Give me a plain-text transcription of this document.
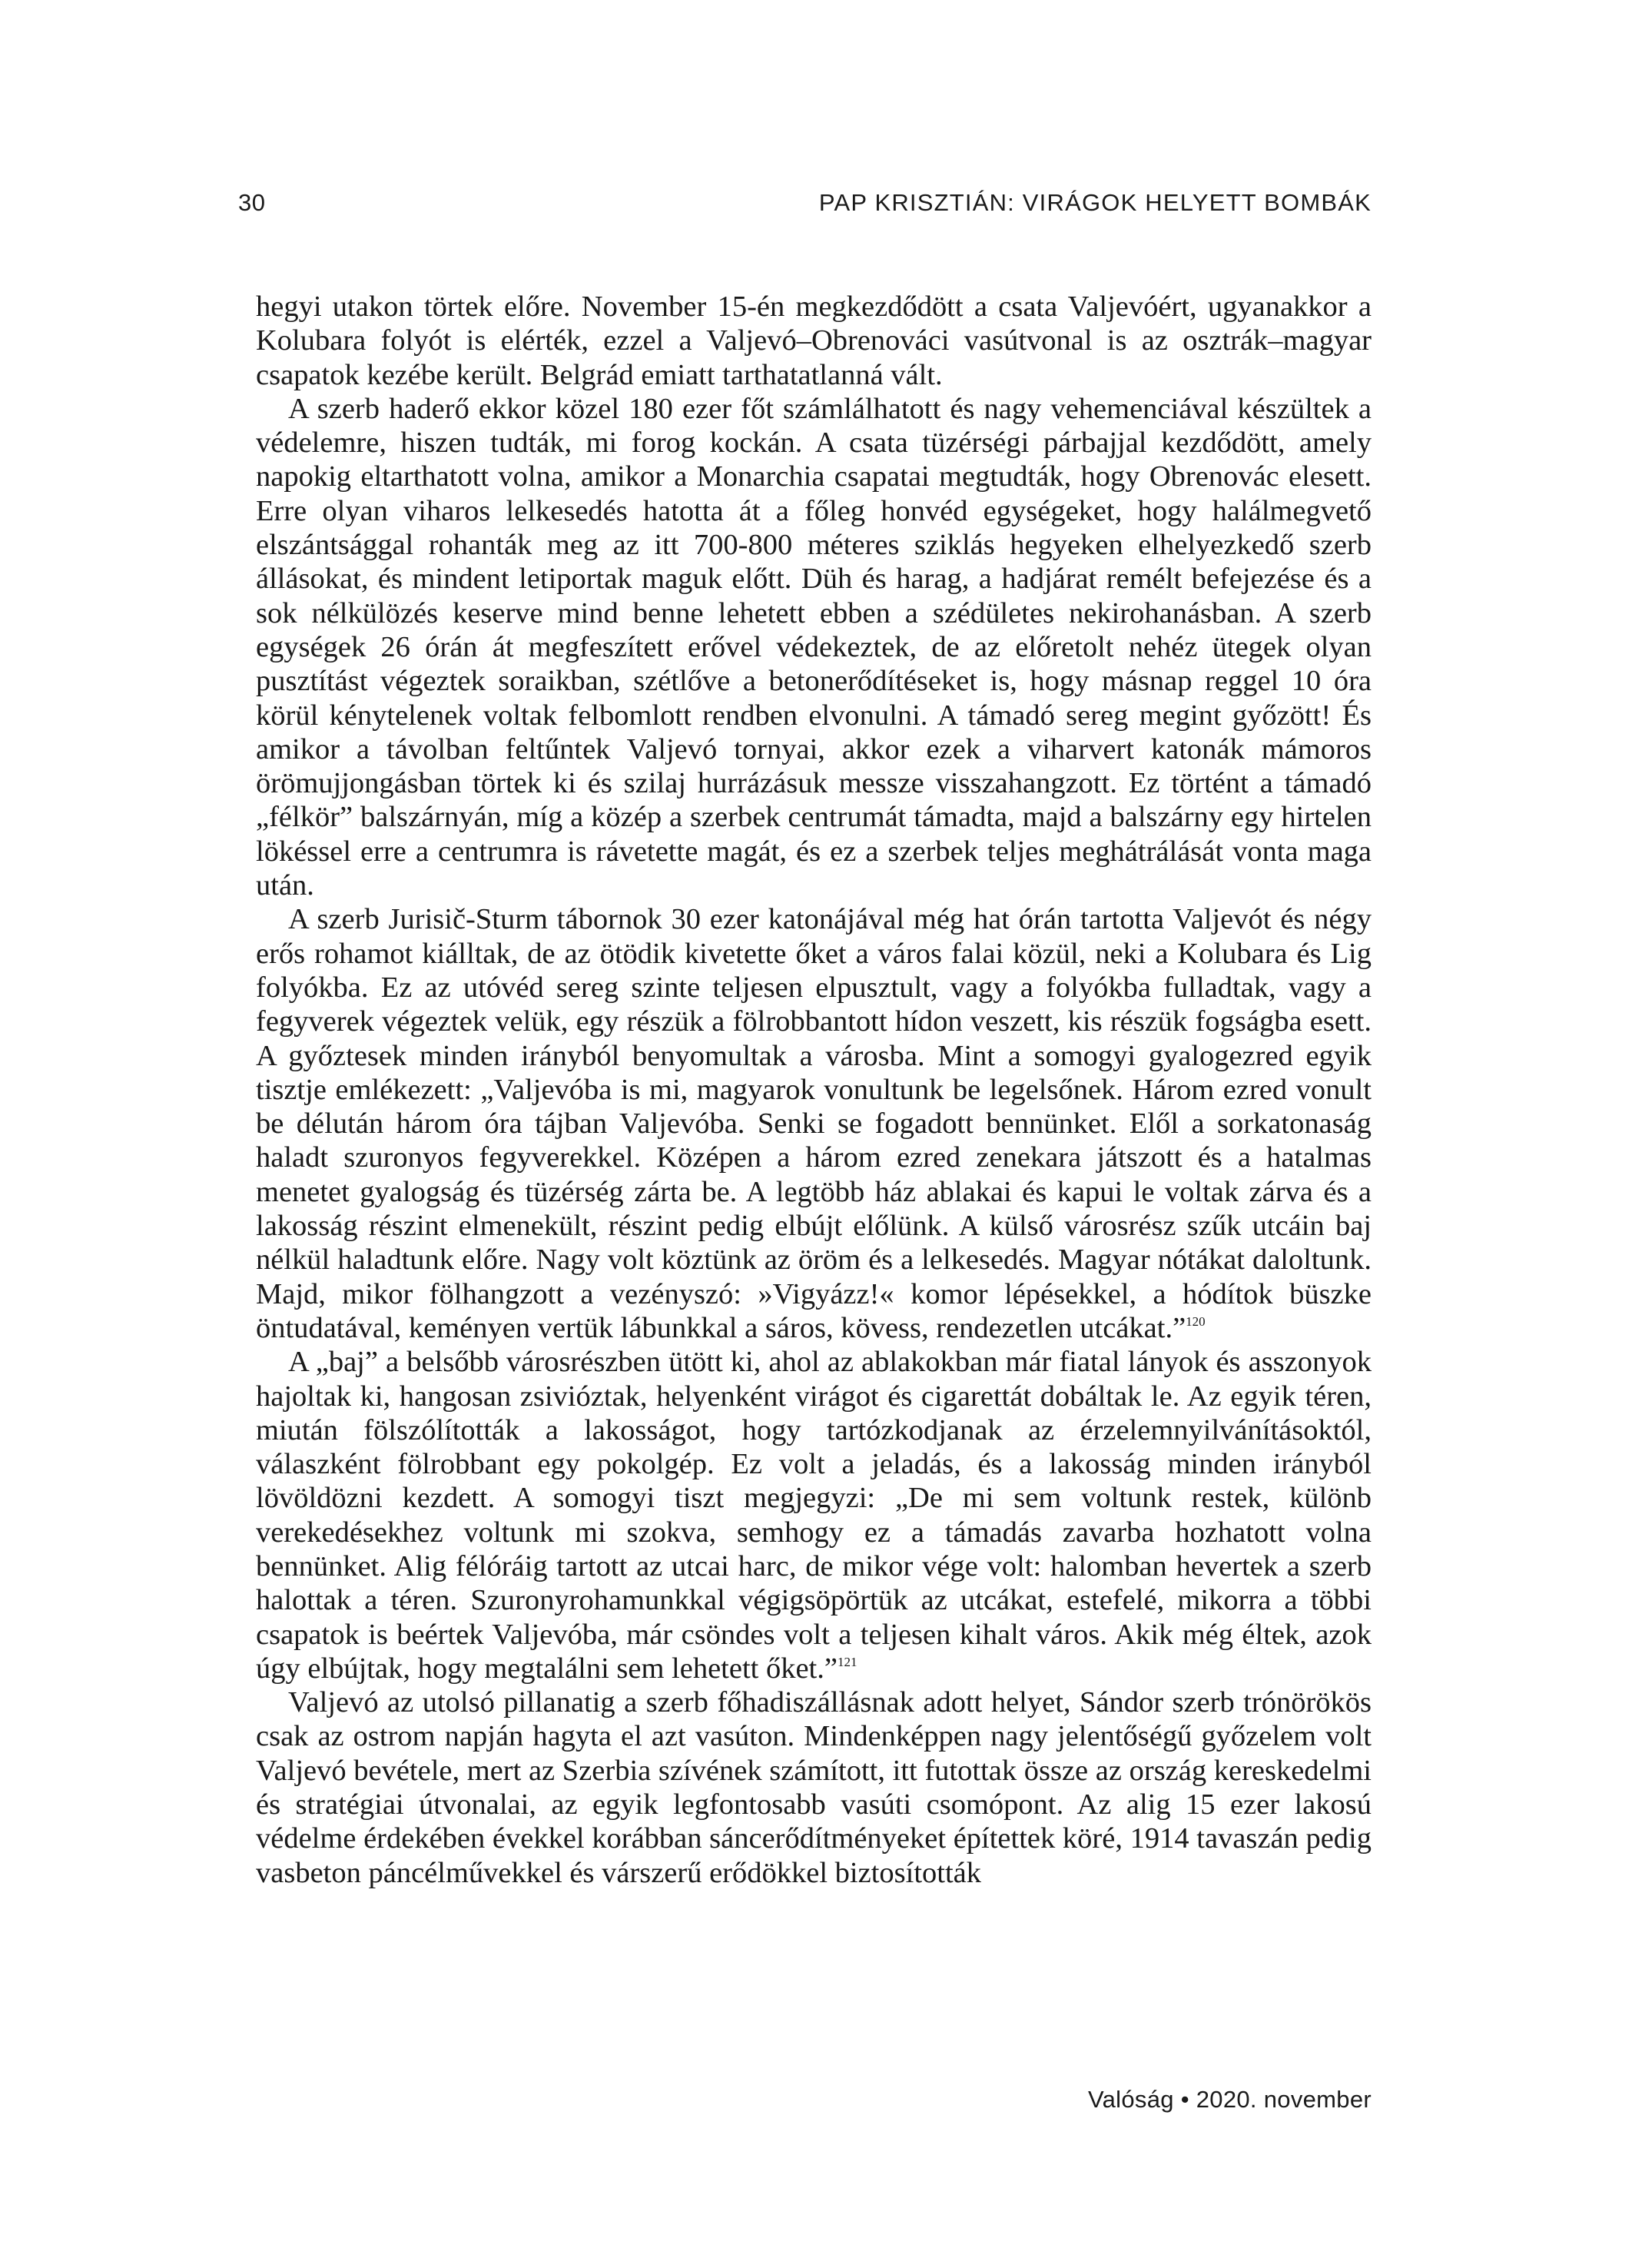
30	PAP KRISZTIÁN: VIRÁGOK HELYETT BOMBÁK

hegyi utakon törtek előre. November 15-én megkezdődött a csata Valjevóért, ugyanakkor a Kolubara folyót is elérték, ezzel a Valjevó–Obrenováci vasútvonal is az osztrák–magyar csapatok kezébe került. Belgrád emiatt tarthatatlanná vált.

A szerb haderő ekkor közel 180 ezer főt számlálhatott és nagy vehemenciával készültek a védelemre, hiszen tudták, mi forog kockán. A csata tüzérségi párbajjal kezdődött, amely napokig eltarthatott volna, amikor a Monarchia csapatai megtudták, hogy Obrenovác elesett. Erre olyan viharos lelkesedés hatotta át a főleg honvéd egységeket, hogy halálmegvető elszántsággal rohanták meg az itt 700-800 méteres sziklás hegyeken elhelyezkedő szerb állásokat, és mindent letiportak maguk előtt. Düh és harag, a hadjárat remélt befejezése és a sok nélkülözés keserve mind benne lehetett ebben a szédületes nekirohanásban. A szerb egységek 26 órán át megfeszített erővel védekeztek, de az előretolt nehéz ütegek olyan pusztítást végeztek soraikban, szétlőve a betonerődítéseket is, hogy másnap reggel 10 óra körül kénytelenek voltak felbomlott rendben elvonulni. A támadó sereg megint győzött! És amikor a távolban feltűntek Valjevó tornyai, akkor ezek a viharvert katonák mámoros örömujjongásban törtek ki és szilaj hurrázásuk messze visszahangzott. Ez történt a támadó „félkör” balszárnyán, míg a közép a szerbek centrumát támadta, majd a balszárny egy hirtelen lökéssel erre a centrumra is rávetette magát, és ez a szerbek teljes meghátrálását vonta maga után.

A szerb Jurisič-Sturm tábornok 30 ezer katonájával még hat órán tartotta Valjevót és négy erős rohamot kiálltak, de az ötödik kivetette őket a város falai közül, neki a Kolubara és Lig folyókba. Ez az utóvéd sereg szinte teljesen elpusztult, vagy a folyókba fulladtak, vagy a fegyverek végeztek velük, egy részük a fölrobbantott hídon veszett, kis részük fogságba esett. A győztesek minden irányból benyomultak a városba. Mint a somogyi gyalogezred egyik tisztje emlékezett: „Valjevóba is mi, magyarok vonultunk be legelsőnek. Három ezred vonult be délután három óra tájban Valjevóba. Senki se fogadott bennünket. Elől a sorkatonaság haladt szuronyos fegyverekkel. Középen a három ezred zenekara játszott és a hatalmas menetet gyalogság és tüzérség zárta be. A legtöbb ház ablakai és kapui le voltak zárva és a lakosság részint elmenekült, részint pedig elbújt előlünk. A külső városrész szűk utcáin baj nélkül haladtunk előre. Nagy volt köztünk az öröm és a lelkesedés. Magyar nótákat daloltunk. Majd, mikor fölhangzott a vezényszó: »Vigyázz!« komor lépésekkel, a hódítok büszke öntudatával, keményen vertük lábunkkal a sáros, kövess, rendezetlen utcákat.”$^{120}$

A „baj” a belsőbb városrészben ütött ki, ahol az ablakokban már fiatal lányok és asszonyok hajoltak ki, hangosan zsivióztak, helyenként virágot és cigarettát dobáltak le. Az egyik téren, miután fölszólították a lakosságot, hogy tartózkodjanak az érzelemnyilvánításoktól, válaszként fölrobbant egy pokolgép. Ez volt a jeladás, és a lakosság minden irányból lövöldözni kezdett. A somogyi tiszt megjegyzi: „De mi sem voltunk restek, különb verekedésekhez voltunk mi szokva, semhogy ez a támadás zavarba hozhatott volna bennünket. Alig félóráig tartott az utcai harc, de mikor vége volt: halomban hevertek a szerb halottak a téren. Szuronyrohamunkkal végigsöpörtük az utcákat, estefelé, mikorra a többi csapatok is beértek Valjevóba, már csöndes volt a teljesen kihalt város. Akik még éltek, azok úgy elbújtak, hogy megtalálni sem lehetett őket.”$^{121}$

Valjevó az utolsó pillanatig a szerb főhadiszállásnak adott helyet, Sándor szerb trónörökös csak az ostrom napján hagyta el azt vasúton. Mindenképpen nagy jelentőségű győzelem volt Valjevó bevétele, mert az Szerbia szívének számított, itt futottak össze az ország kereskedelmi és stratégiai útvonalai, az egyik legfontosabb vasúti csomópont. Az alig 15 ezer lakosú védelme érdekében évekkel korábban sáncerődítményeket építettek köré, 1914 tavaszán pedig vasbeton páncélművekkel és várszerű erődökkel biztosították

Valóság • 2020. november
